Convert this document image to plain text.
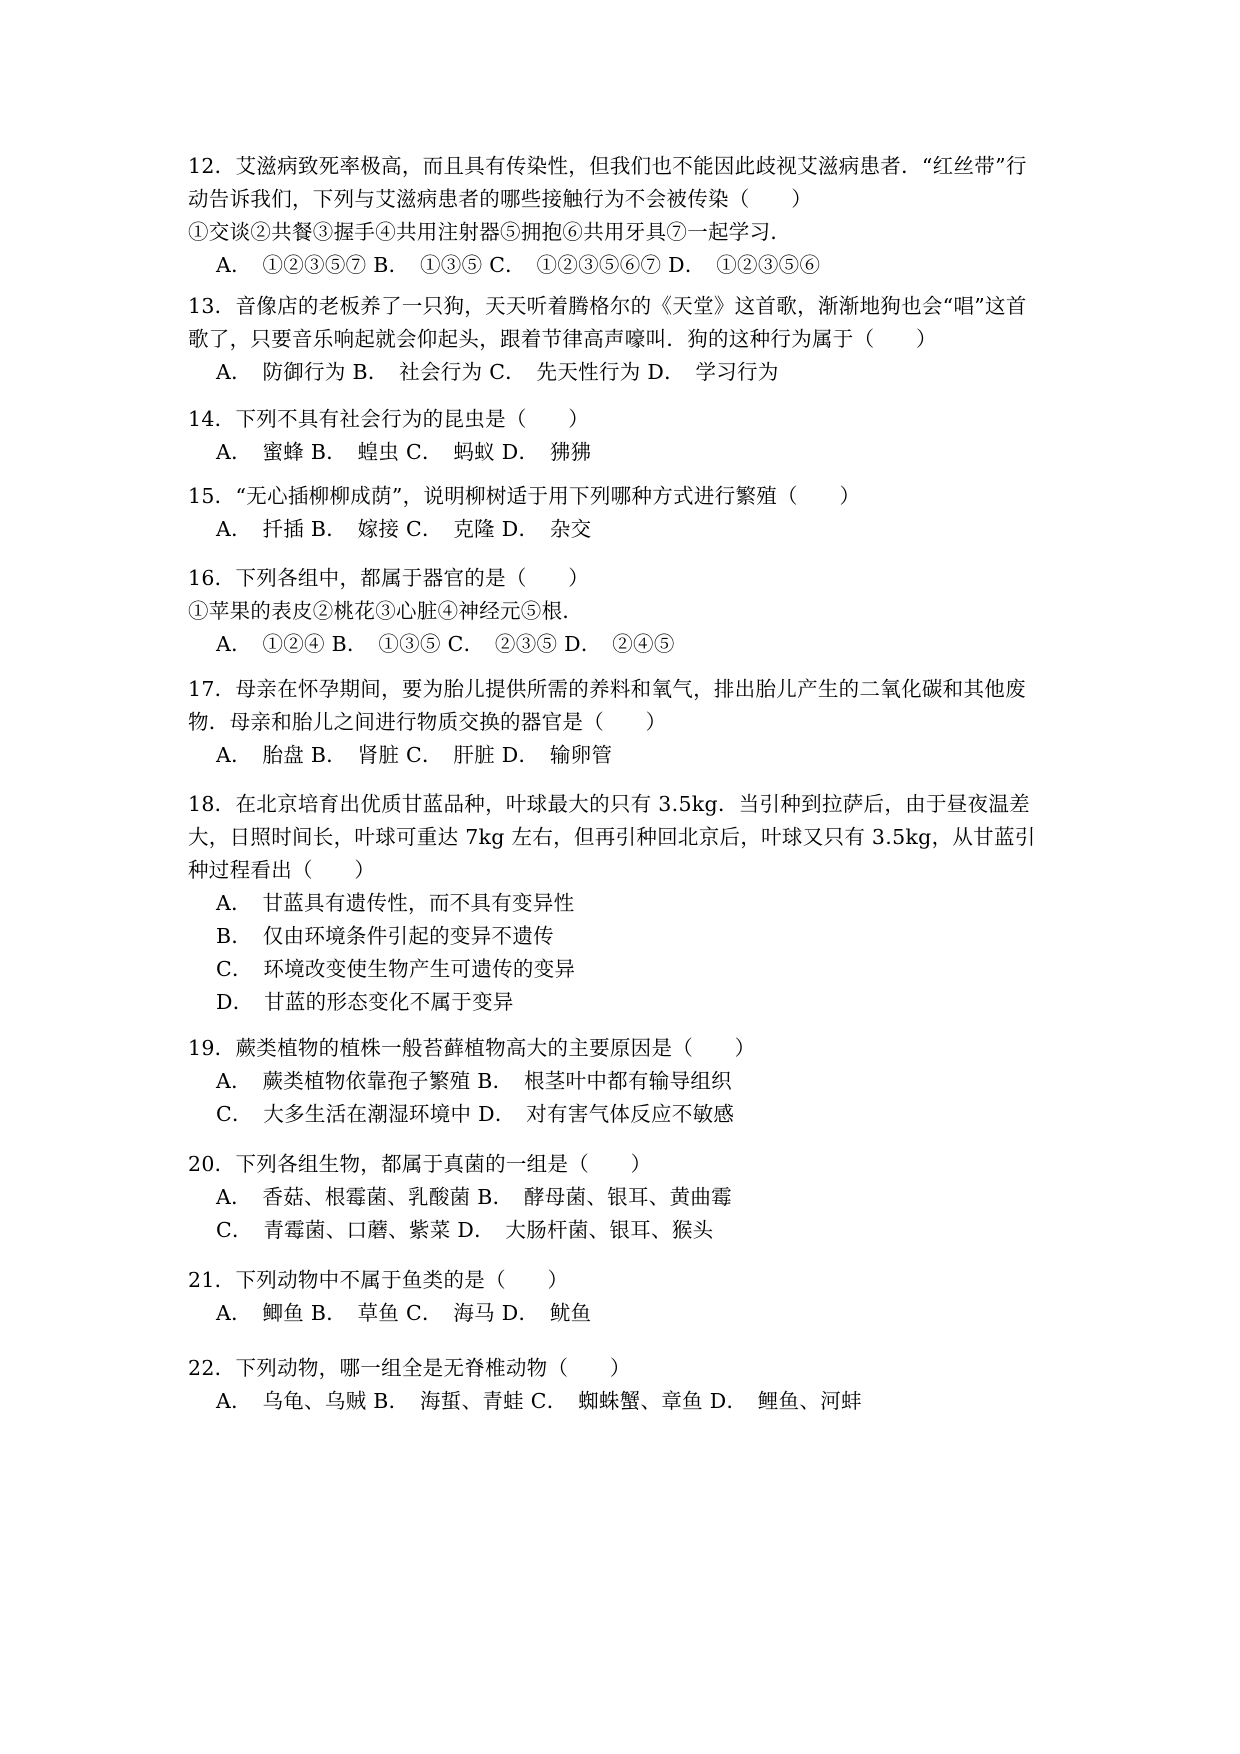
12．艾滋病致死率极高，而且具有传染性，但我们也不能因此歧视艾滋病患者．“红丝带”行
动告诉我们，下列与艾滋病患者的哪些接触行为不会被传染（　　）
①交谈②共餐③握手④共用注射器⑤拥抱⑥共用牙具⑦一起学习．
A．　①②③⑤⑦ B．　①③⑤ C．　①②③⑤⑥⑦ D．　①②③⑤⑥
13．音像店的老板养了一只狗，天天听着腾格尔的《天堂》这首歌，渐渐地狗也会“唱”这首
歌了，只要音乐响起就会仰起头，跟着节律高声嚎叫．狗的这种行为属于（　　）
A．　防御行为 B．　社会行为 C．　先天性行为 D．　学习行为
14．下列不具有社会行为的昆虫是（　　）
A．　蜜蜂 B．　蝗虫 C．　蚂蚁 D．　狒狒
15．“无心插柳柳成荫”，说明柳树适于用下列哪种方式进行繁殖（　　）
A．　扦插 B．　嫁接 C．　克隆 D．　杂交
16．下列各组中，都属于器官的是（　　）
①苹果的表皮②桃花③心脏④神经元⑤根．
A．　①②④ B．　①③⑤ C．　②③⑤ D．　②④⑤
17．母亲在怀孕期间，要为胎儿提供所需的养料和氧气，排出胎儿产生的二氧化碳和其他废
物．母亲和胎儿之间进行物质交换的器官是（　　）
A．　胎盘 B．　肾脏 C．　肝脏 D．　输卵管
18．在北京培育出优质甘蓝品种，叶球最大的只有 3.5kg．当引种到拉萨后，由于昼夜温差
大，日照时间长，叶球可重达 7kg 左右，但再引种回北京后，叶球又只有 3.5kg，从甘蓝引
种过程看出（　　）
A．　甘蓝具有遗传性，而不具有变异性
B．　仅由环境条件引起的变异不遗传
C．　环境改变使生物产生可遗传的变异
D．　甘蓝的形态变化不属于变异
19．蕨类植物的植株一般苔藓植物高大的主要原因是（　　）
A．　蕨类植物依靠孢子繁殖 B．　根茎叶中都有输导组织
C．　大多生活在潮湿环境中 D．　对有害气体反应不敏感
20．下列各组生物，都属于真菌的一组是（　　）
A．　香菇、根霉菌、乳酸菌 B．　酵母菌、银耳、黄曲霉
C．　青霉菌、口蘑、紫菜 D．　大肠杆菌、银耳、猴头
21．下列动物中不属于鱼类的是（　　）
A．　鲫鱼 B．　草鱼 C．　海马 D．　鱿鱼
22．下列动物，哪一组全是无脊椎动物（　　）
A．　乌龟、乌贼 B．　海蜇、青蛙 C．　蜘蛛蟹、章鱼 D．　鲤鱼、河蚌
